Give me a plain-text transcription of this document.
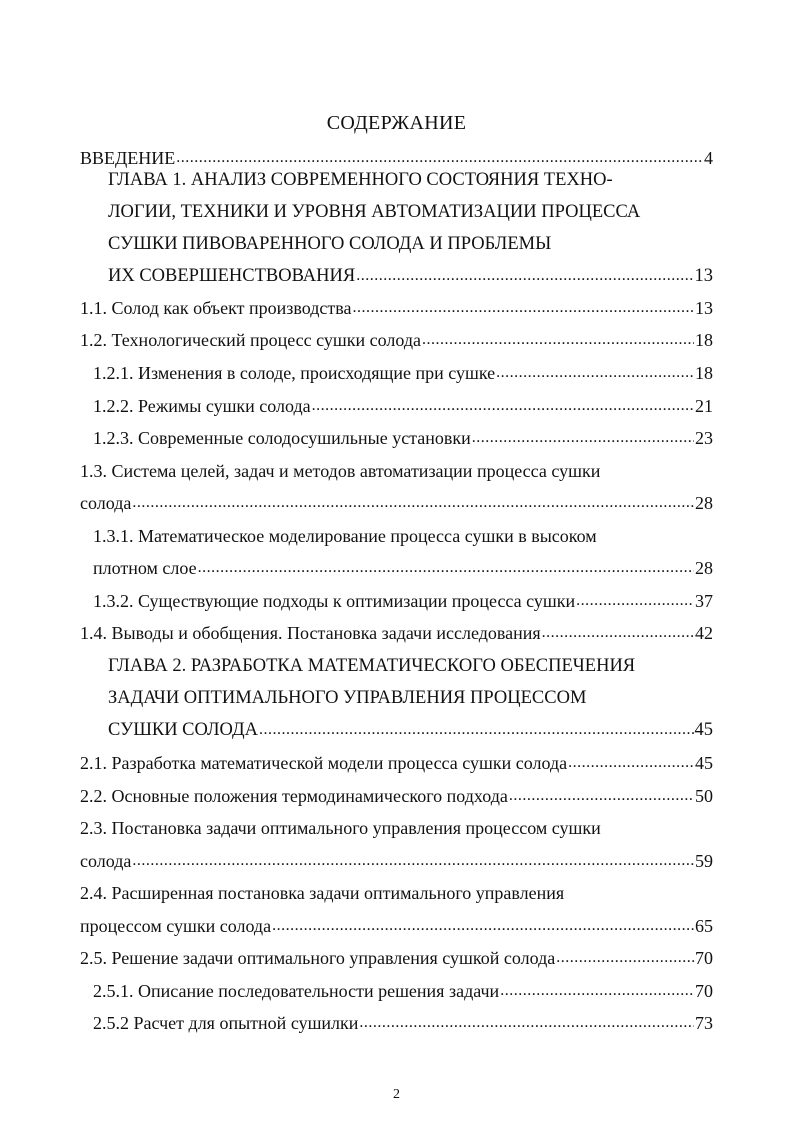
СОДЕРЖАНИЕ
ВВЕДЕНИЕ .....	4
ГЛАВА 1. АНАЛИЗ СОВРЕМЕННОГО СОСТОЯНИЯ ТЕХНО-
ЛОГИИ, ТЕХНИКИ И УРОВНЯ АВТОМАТИЗАЦИИ ПРОЦЕССА
СУШКИ ПИВОВАРЕННОГО СОЛОДА И ПРОБЛЕМЫ
ИХ СОВЕРШЕНСТВОВАНИЯ .....	13
1.1. Солод как объект производства .....	13
1.2. Технологический процесс сушки солода .....	18
1.2.1. Изменения в солоде, происходящие при сушке .....	18
1.2.2. Режимы сушки солода .....	21
1.2.3. Современные солодосушильные установки .....	23
1.3. Система целей, задач и методов автоматизации процесса сушки
солода .....	28
1.3.1. Математическое моделирование процесса сушки в высоком
плотном слое .....	28
1.3.2. Существующие подходы к оптимизации процесса сушки .....	37
1.4. Выводы и обобщения. Постановка задачи исследования .....	42
ГЛАВА 2. РАЗРАБОТКА МАТЕМАТИЧЕСКОГО ОБЕСПЕЧЕНИЯ
ЗАДАЧИ ОПТИМАЛЬНОГО УПРАВЛЕНИЯ ПРОЦЕССОМ
СУШКИ СОЛОДА .....	45
2.1. Разработка математической модели процесса сушки солода .....	45
2.2. Основные положения термодинамического подхода .....	50
2.3. Постановка задачи оптимального управления процессом сушки
солода .....	59
2.4. Расширенная постановка задачи оптимального управления
процессом сушки солода .....	65
2.5. Решение задачи оптимального управления сушкой солода .....	70
2.5.1. Описание последовательности решения задачи .....	70
2.5.2 Расчет для опытной сушилки .....	73
2
